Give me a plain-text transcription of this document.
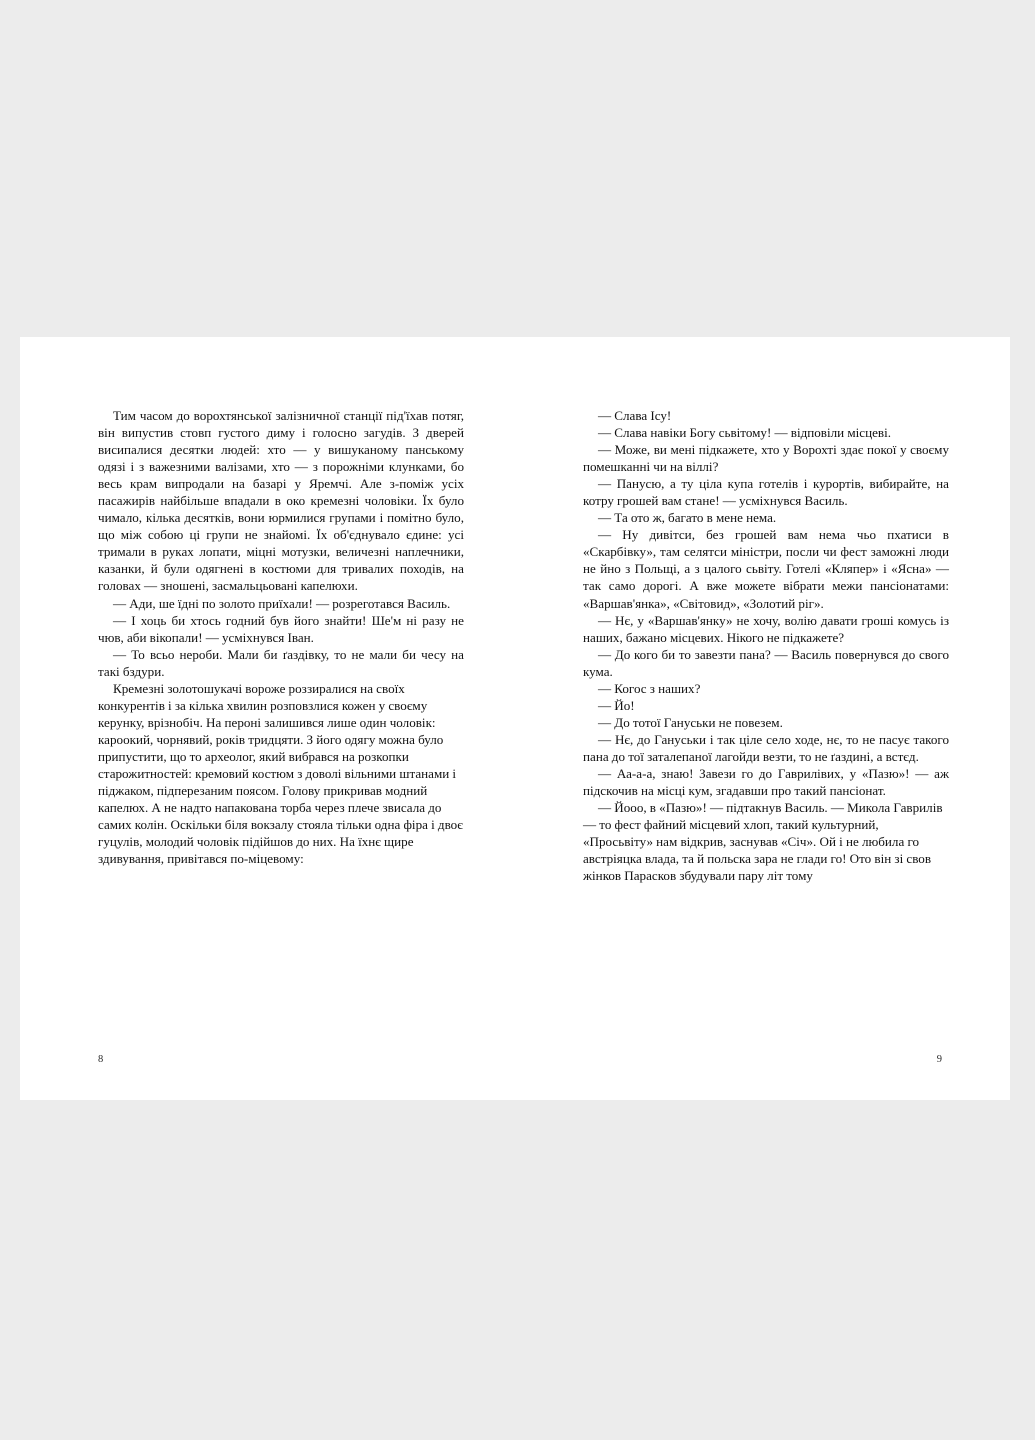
Тим часом до ворохтянської залізничної станції під'їхав потяг, він випустив стовп густого диму і голосно загудів. З дверей висипалися десятки людей: хто — у вишуканому панському одязі і з важезними валізами, хто — з порожніми клунками, бо весь крам випродали на базарі у Яремчі. Але з-поміж усіх пасажирів найбільше впадали в око кремезні чоловіки. Їх було чимало, кілька десятків, вони юрмилися групами і помітно було, що між собою ці групи не знайомі. Їх об'єднувало єдине: усі тримали в руках лопати, міцні мотузки, величезні наплечники, казанки, й були одягнені в костюми для тривалих походів, на головах — зношені, засмальцьовані капелюхи.

— Ади, ше їдні по золото приїхали! — розреготався Василь.

— І хоць би хтось годний був його знайти! Ше'м ні разу не чюв, аби вікопали! — усміхнувся Іван.

— То всьо нероби. Мали би ґаздівку, то не мали би чесу на такі бздури.

Кремезні золотошукачі вороже роззиралися на своїх конкурентів і за кілька хвилин розповзлися кожен у своєму керунку, врізнобіч. На пероні залишився лише один чоловік: кароокий, чорнявий, років тридцяти. З його одягу можна було припустити, що то археолог, який вибрався на розкопки старожитностей: кремовий костюм з доволі вільними штанами і піджаком, підперезаним поясом. Голову прикривав модний капелюх. А не надто напакована торба через плече звисала до самих колін. Оскільки біля вокзалу стояла тільки одна фіра і двоє гуцулів, молодий чоловік підійшов до них. На їхнє щире здивування, привітався по-міцевому:

8

— Слава Ісу!

— Слава навіки Богу сьвітому! — відповіли місцеві.

— Може, ви мені підкажете, хто у Ворохті здає покої у своєму помешканні чи на віллі?

— Панусю, а ту ціла купа готелів і курортів, вибирайте, на котру грошей вам стане! — усміхнувся Василь.

— Та ото ж, багато в мене нема.

— Ну дивітси, без грошей вам нема чьо пхатиси в «Скарбівку», там селятси міністри, посли чи фест заможні люди не йно з Польщі, а з цалого сьвіту. Готелі «Кляпер» і «Ясна» — так само дорогі. А вже можете вібрати межи пансіонатами: «Варшав'янка», «Світовид», «Золотий ріг».

— Нє, у «Варшав'янку» не хочу, волію давати гроші комусь із наших, бажано місцевих. Нікого не підкажете?

— До кого би то завезти пана? — Василь повернувся до свого кума.

— Когос з наших?

— Йо!

— До тотої Гануськи не повезем.

— Нє, до Гануськи і так ціле село ходе, нє, то не пасує такого пана до тої заталепаної лагойди везти, то не ґаздині, а встєд.

— Аа-а-а, знаю! Завези го до Гаврилівих, у «Пазю»! — аж підскочив на місці кум, згадавши про такий пансіонат.

— Йооо, в «Пазю»! — підтакнув Василь. — Микола Гаврилів — то фест файний місцевий хлоп, такий культурний, «Просьвіту» нам відкрив, заснував «Січ». Ой і не любила го австріяцка влада, та й польска зара не глади го! Ото він зі свов жінков Парасков збудували пару літ тому

9
